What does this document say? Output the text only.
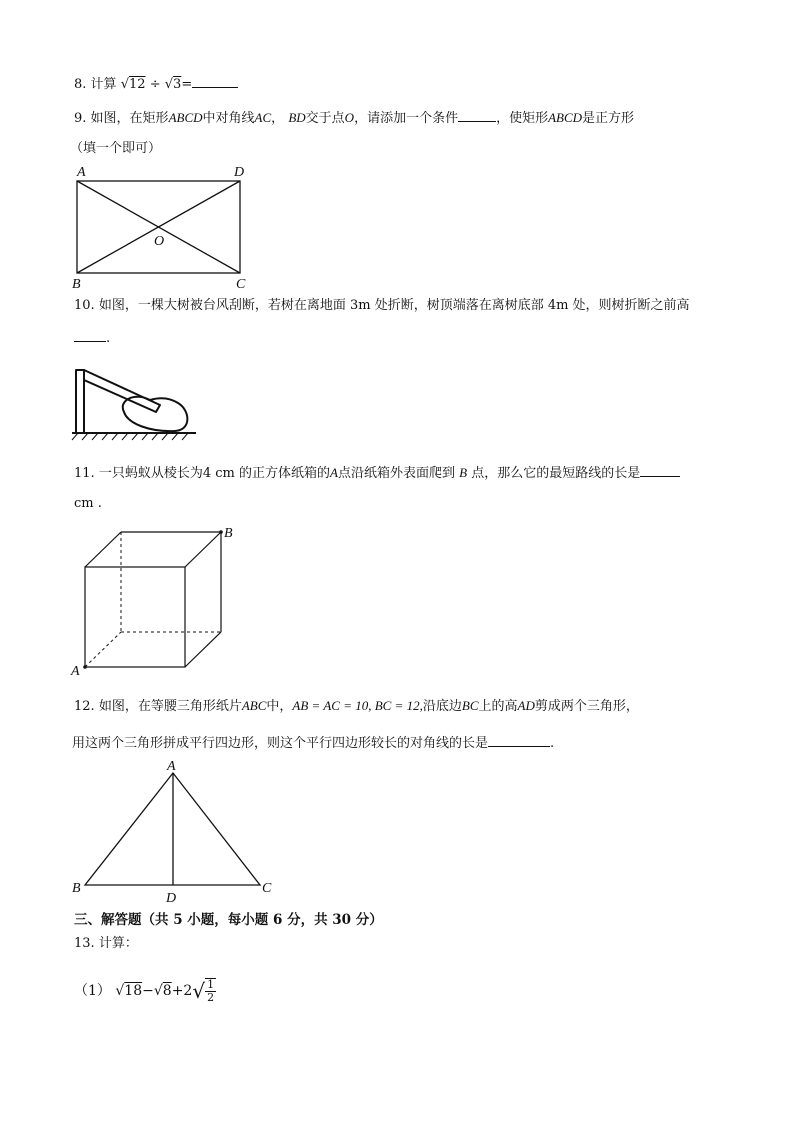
8. 计算 √12 ÷ √3=
9. 如图，在矩形ABCD中对角线AC， BD交于点O，请添加一个条件	，使矩形ABCD是正方形
（填一个即可）
A	D
O
B	C
10. 如图，一棵大树被台风刮断，若树在离地面 3m 处折断，树顶端落在离树底部 4m 处，则树折断之前高
.
11. 一只蚂蚁从棱长为4 cm 的正方体纸箱的A点沿纸箱外表面爬到 B 点，那么它的最短路线的长是
cm .
A
B
12. 如图，在等腰三角形纸片ABC中，AB = AC = 10, BC = 12,沿底边BC上的高AD剪成两个三角形，
用这两个三角形拼成平行四边形，则这个平行四边形较长的对角线的长是	.
A
B	C
D
三、解答题（共 5 小题，每小题 6 分，共 30 分）
13. 计算：
（1） $√18-√8+2√ \frac{1}{2}$
